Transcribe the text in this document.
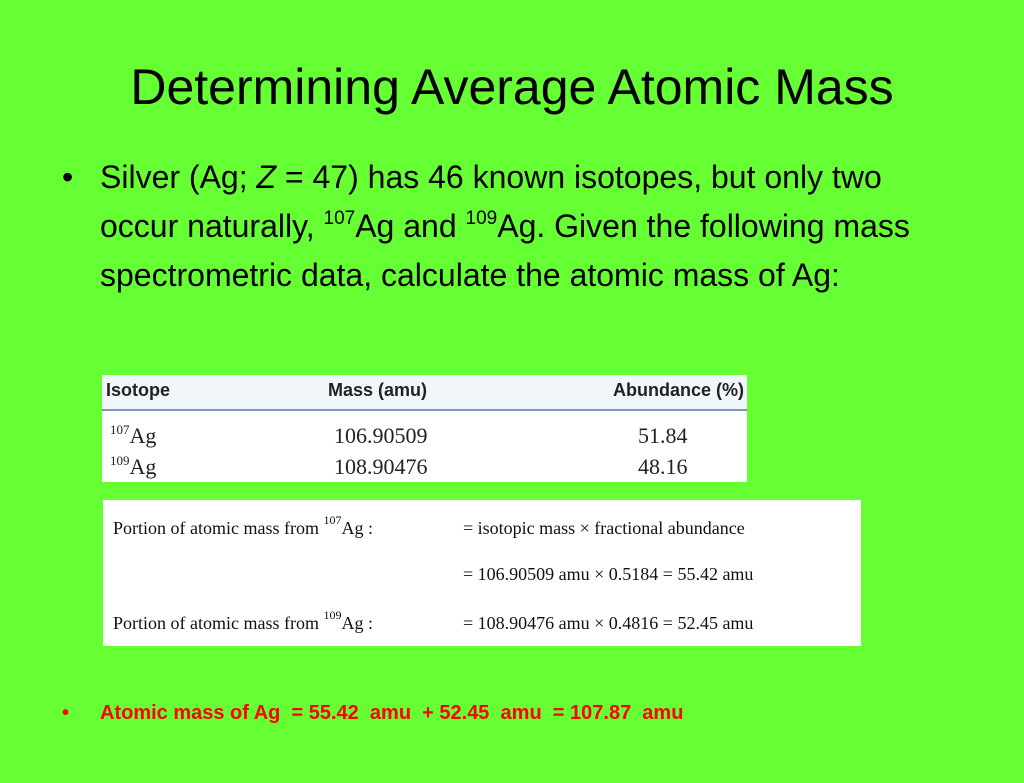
Determining Average Atomic Mass
• Silver (Ag; Z = 47) has 46 known isotopes, but only two occur naturally, $^{107}$Ag and $^{109}$Ag. Given the following mass spectrometric data, calculate the atomic mass of Ag:
Isotope	Mass (amu)	Abundance (%)
$^{107}$Ag	106.90509	51.84
$^{109}$Ag	108.90476	48.16
Portion of atomic mass from $^{107}$Ag :	= isotopic mass × fractional abundance
= 106.90509 amu × 0.5184 = 55.42 amu
Portion of atomic mass from $^{109}$Ag :	= 108.90476 amu × 0.4816 = 52.45 amu

•

Atomic mass of Ag  = 55.42  amu  + 52.45  amu  = 107.87  amu
